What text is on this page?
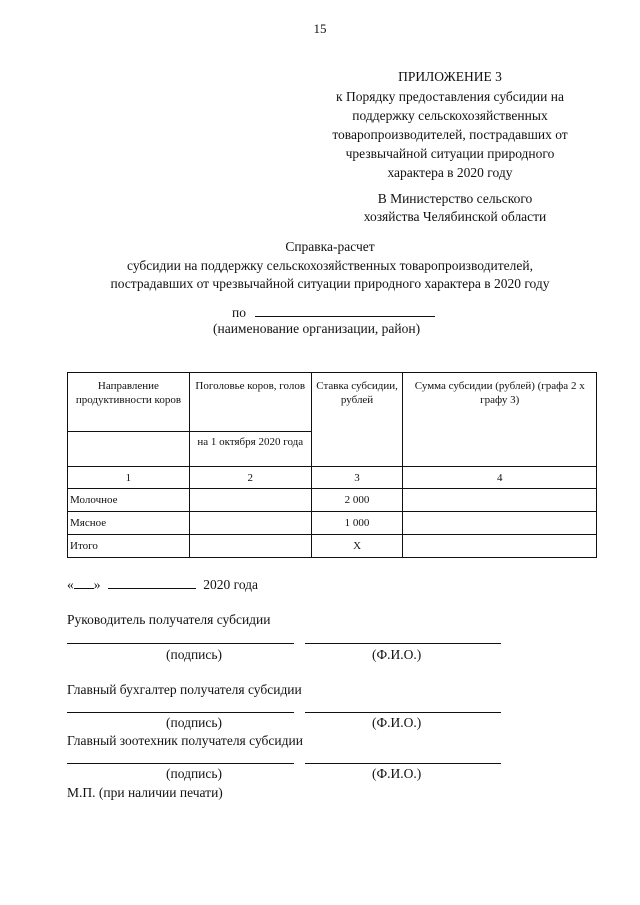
15
ПРИЛОЖЕНИЕ 3
к Порядку предоставления субсидии на
поддержку сельскохозяйственных
товаропроизводителей, пострадавших от
чрезвычайной ситуации природного
характера в 2020 году
В Министерство сельского
хозяйства Челябинской области
Справка-расчет
субсидии на поддержку сельскохозяйственных товаропроизводителей,
пострадавших от чрезвычайной ситуации природного характера в 2020 году
по
(наименование организации, район)
Направление продуктивности коров	Поголовье коров, голов	Ставка субсидии, рублей	Сумма субсидии (рублей) (графа 2 х графу 3)
	на 1 октября 2020 года		
1	2	3	4
Молочное		2 000	
Мясное		1 000	
Итого		Х	
« »	2020 года
Руководитель получателя субсидии
(подпись)	(Ф.И.О.)
Главный бухгалтер получателя субсидии
(подпись)	(Ф.И.О.)
Главный зоотехник получателя субсидии
(подпись)	(Ф.И.О.)
М.П. (при наличии печати)
